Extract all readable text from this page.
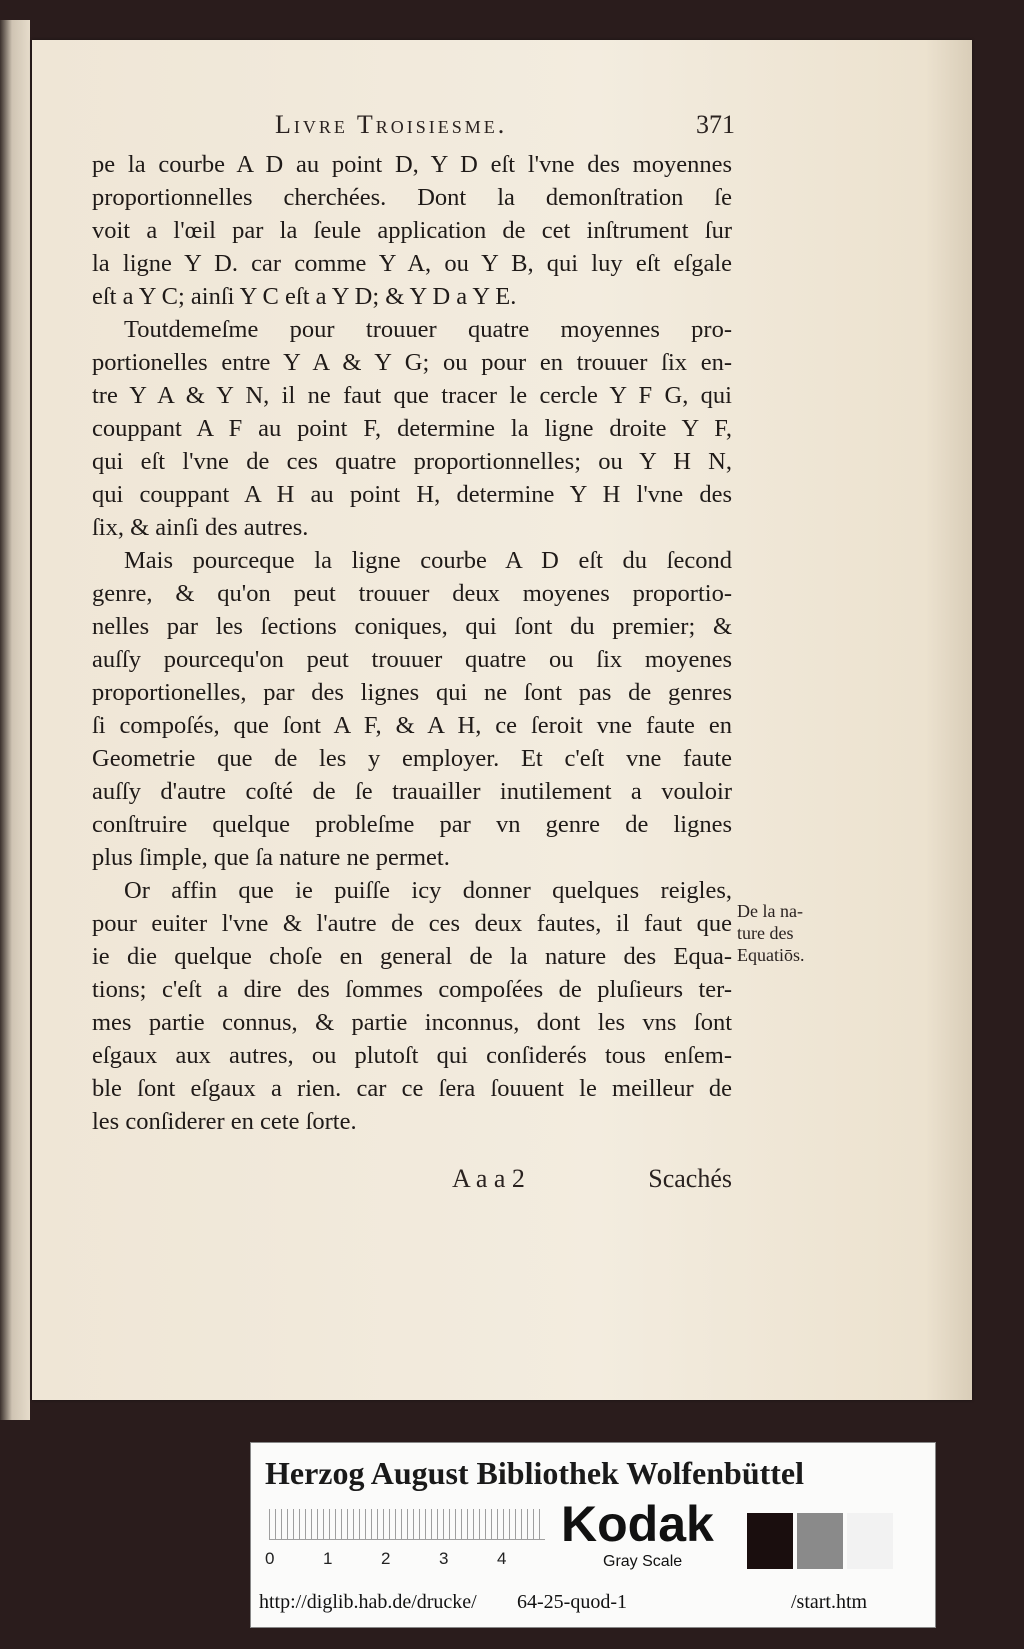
Livre Troisiesme.	371
pe la courbe A D au point D, Y D eſt l'vne des moyennes
proportionnelles cherchées. Dont la demonſtration ſe
voit a l'œil par la ſeule application de cet inſtrument ſur
la ligne Y D. car comme Y A, ou Y B, qui luy eſt eſgale
eſt a Y C; ainſi Y C eſt a Y D; & Y D a Y E.
Toutdemeſme pour trouuer quatre moyennes pro-
portionelles entre Y A & Y G; ou pour en trouuer ſix en-
tre Y A & Y N, il ne faut que tracer le cercle Y F G, qui
couppant A F au point F, determine la ligne droite Y F,
qui eſt l'vne de ces quatre proportionnelles; ou Y H N,
qui couppant A H au point H, determine Y H l'vne des
ſix, & ainſi des autres.
Mais pourceque la ligne courbe A D eſt du ſecond
genre, & qu'on peut trouuer deux moyenes proportio-
nelles par les ſections coniques, qui ſont du premier; &
auſſy pourcequ'on peut trouuer quatre ou ſix moyenes
proportionelles, par des lignes qui ne ſont pas de genres
ſi compoſés, que ſont A F, & A H, ce ſeroit vne faute en
Geometrie que de les y employer. Et c'eſt vne faute
auſſy d'autre coſté de ſe trauailler inutilement a vouloir
conſtruire quelque probleſme par vn genre de lignes
plus ſimple, que ſa nature ne permet.
Or affin que ie puiſſe icy donner quelques reigles,
pour euiter l'vne & l'autre de ces deux fautes, il faut que
ie die quelque choſe en general de la nature des Equa-
tions; c'eſt a dire des ſommes compoſées de pluſieurs ter-
mes partie connus, & partie inconnus, dont les vns ſont
eſgaux aux autres, ou plutoſt qui conſiderés tous enſem-
ble ſont eſgaux a rien. car ce ſera ſouuent le meilleur de
les conſiderer en cete ſorte.
De la na-
ture des
Equatiōs.
A a a 2	Scachés
Herzog August Bibliothek Wolfenbüttel
0	1	2	3	4
Kodak
Gray Scale
http://diglib.hab.de/drucke/ 64-25-quod-1	/start.htm
